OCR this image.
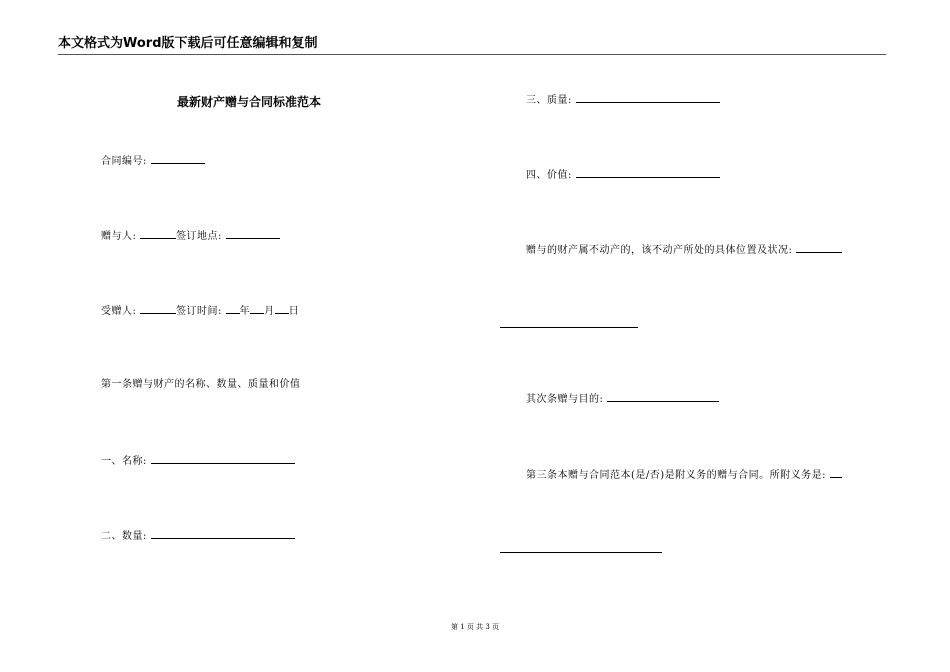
本文格式为Word版下载后可任意编辑和复制
最新财产赠与合同标准范本
合同编号:
赠与人:	签订地点:
受赠人:	签订时间: 年 月 日
第一条赠与财产的名称、数量、质量和价值
一、名称:
二、数量:
三、质量:
四、价值:
赠与的财产属不动产的，该不动产所处的具体位置及状况:
其次条赠与目的:
第三条本赠与合同范本(是/否)是附义务的赠与合同。所附义务是:
第 1 页 共 3 页
